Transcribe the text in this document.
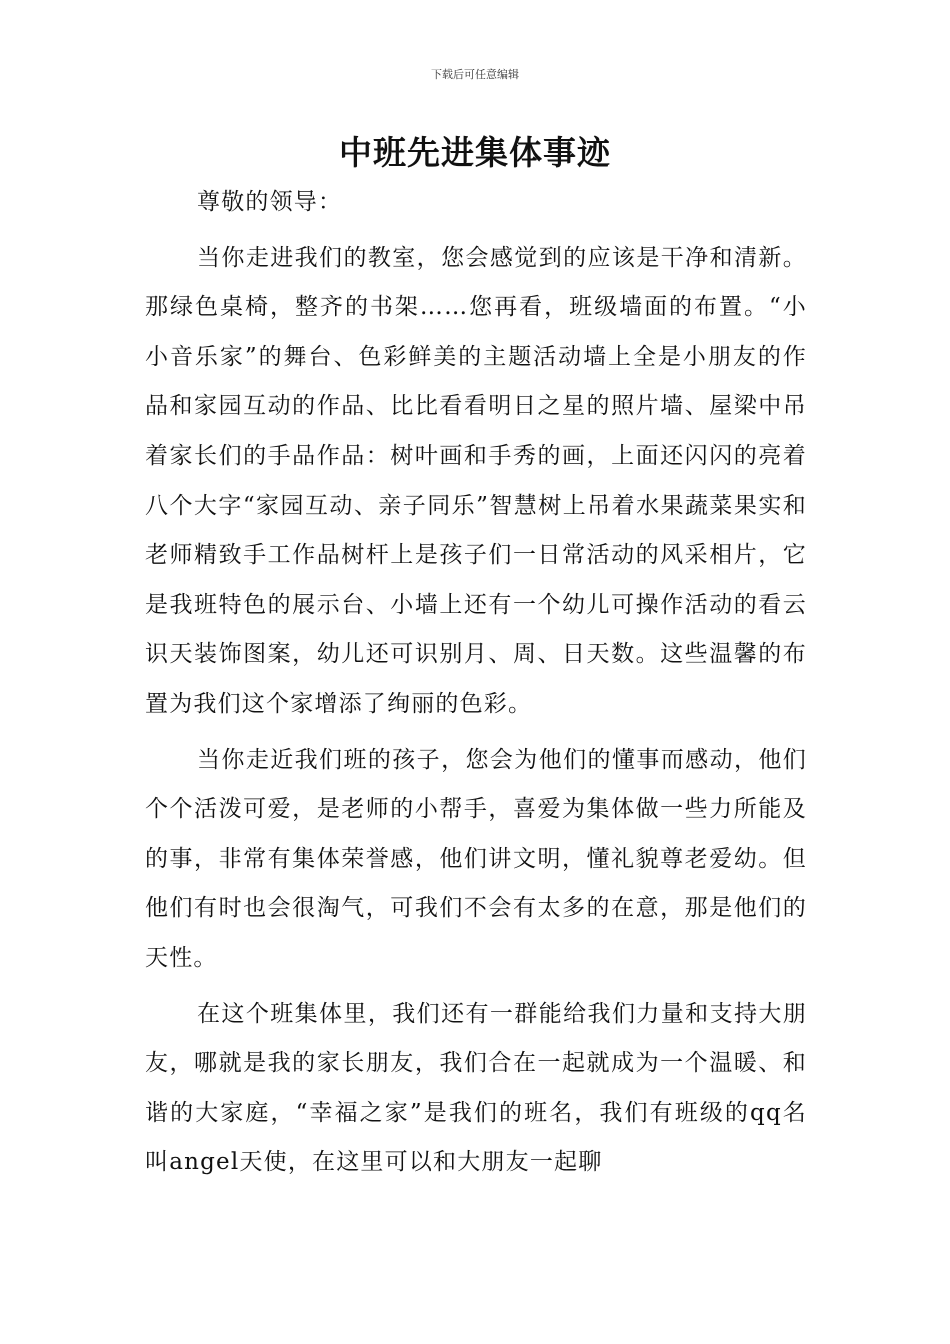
下载后可任意编辑
中班先进集体事迹

尊敬的领导：

当你走进我们的教室，您会感觉到的应该是干净和清新。那绿色桌椅，整齐的书架……您再看，班级墙面的布置。“小小音乐家”的舞台、色彩鲜美的主题活动墙上全是小朋友的作品和家园互动的作品、比比看看明日之星的照片墙、屋梁中吊着家长们的手品作品：树叶画和手秀的画，上面还闪闪的亮着八个大字“家园互动、亲子同乐”智慧树上吊着水果蔬菜果实和老师精致手工作品树杆上是孩子们一日常活动的风采相片，它是我班特色的展示台、小墙上还有一个幼儿可操作活动的看云识天装饰图案，幼儿还可识别月、周、日天数。这些温馨的布置为我们这个家增添了绚丽的色彩。

当你走近我们班的孩子，您会为他们的懂事而感动，他们个个活泼可爱，是老师的小帮手，喜爱为集体做一些力所能及的事，非常有集体荣誉感，他们讲文明，懂礼貌尊老爱幼。但他们有时也会很淘气，可我们不会有太多的在意，那是他们的天性。

在这个班集体里，我们还有一群能给我们力量和支持大朋友，哪就是我的家长朋友，我们合在一起就成为一个温暖、和谐的大家庭，“幸福之家”是我们的班名，我们有班级的qq名叫angel天使，在这里可以和大朋友一起聊
